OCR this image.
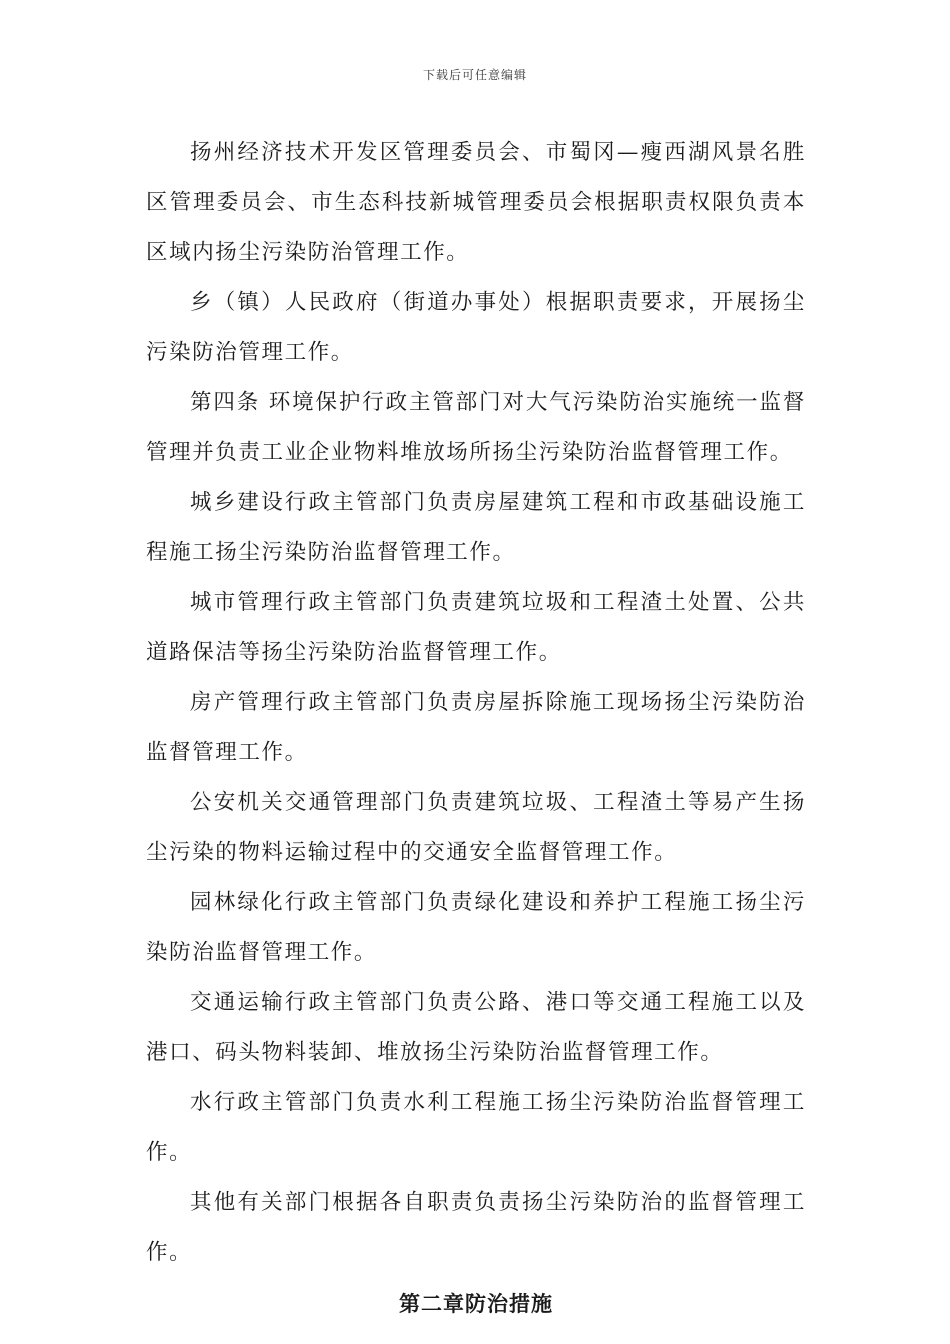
下载后可任意编辑

扬州经济技术开发区管理委员会、市蜀冈—瘦西湖风景名胜区管理委员会、市生态科技新城管理委员会根据职责权限负责本区域内扬尘污染防治管理工作。

乡（镇）人民政府（街道办事处）根据职责要求，开展扬尘污染防治管理工作。

第四条 环境保护行政主管部门对大气污染防治实施统一监督管理并负责工业企业物料堆放场所扬尘污染防治监督管理工作。

城乡建设行政主管部门负责房屋建筑工程和市政基础设施工程施工扬尘污染防治监督管理工作。

城市管理行政主管部门负责建筑垃圾和工程渣土处置、公共道路保洁等扬尘污染防治监督管理工作。

房产管理行政主管部门负责房屋拆除施工现场扬尘污染防治监督管理工作。

公安机关交通管理部门负责建筑垃圾、工程渣土等易产生扬尘污染的物料运输过程中的交通安全监督管理工作。

园林绿化行政主管部门负责绿化建设和养护工程施工扬尘污染防治监督管理工作。

交通运输行政主管部门负责公路、港口等交通工程施工以及港口、码头物料装卸、堆放扬尘污染防治监督管理工作。

水行政主管部门负责水利工程施工扬尘污染防治监督管理工作。

其他有关部门根据各自职责负责扬尘污染防治的监督管理工作。

第二章防治措施
